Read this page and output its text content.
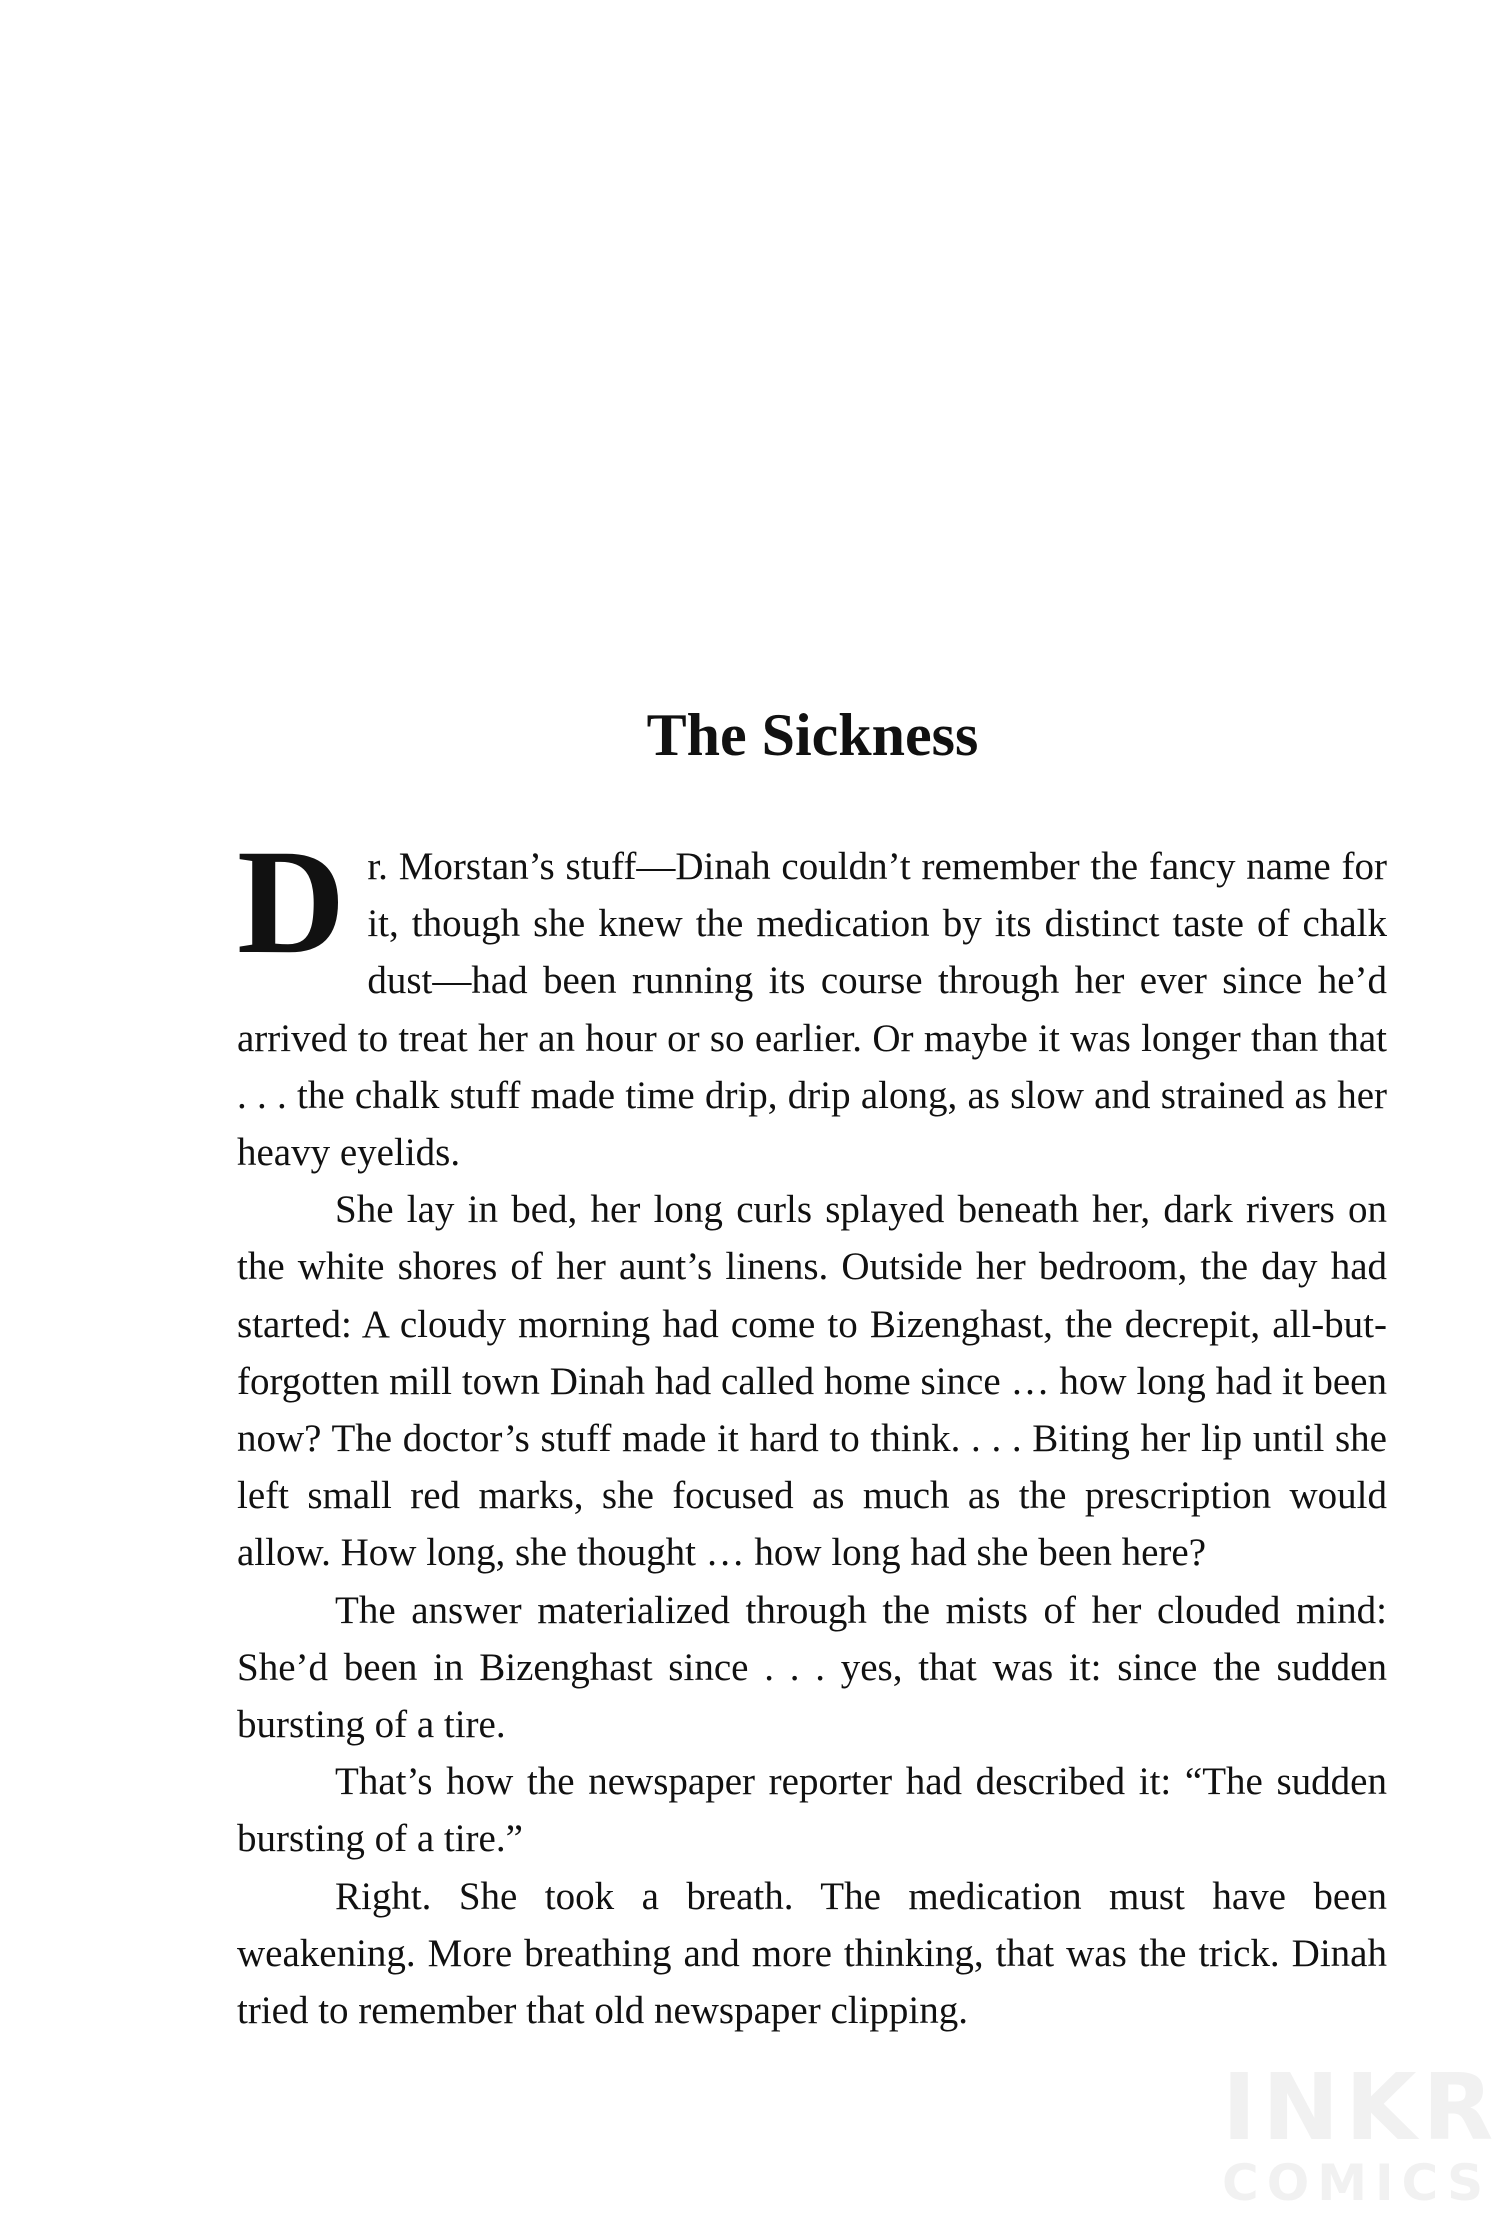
The Sickness

Dr. Morstan’s stuff—Dinah couldn’t remember the fancy name for it, though she knew the medication by its distinct taste of chalk dust—had been running its course through her ever since he’d arrived to treat her an hour or so earlier. Or maybe it was longer than that . . . the chalk stuff made time drip, drip along, as slow and strained as her heavy eyelids.

She lay in bed, her long curls splayed beneath her, dark rivers on the white shores of her aunt’s linens. Outside her bedroom, the day had started: A cloudy morning had come to Bizenghast, the decrepit, all-but-forgotten mill town Dinah had called home since … how long had it been now? The doctor’s stuff made it hard to think. . . . Biting her lip until she left small red marks, she focused as much as the prescription would allow. How long, she thought … how long had she been here?

The answer materialized through the mists of her clouded mind: She’d been in Bizenghast since . . . yes, that was it: since the sudden bursting of a tire.

That’s how the newspaper reporter had described it: “The sudden bursting of a tire.”

Right. She took a breath. The medication must have been weakening. More breathing and more thinking, that was the trick. Dinah tried to remember that old newspaper clipping.

INKR
COMICS
